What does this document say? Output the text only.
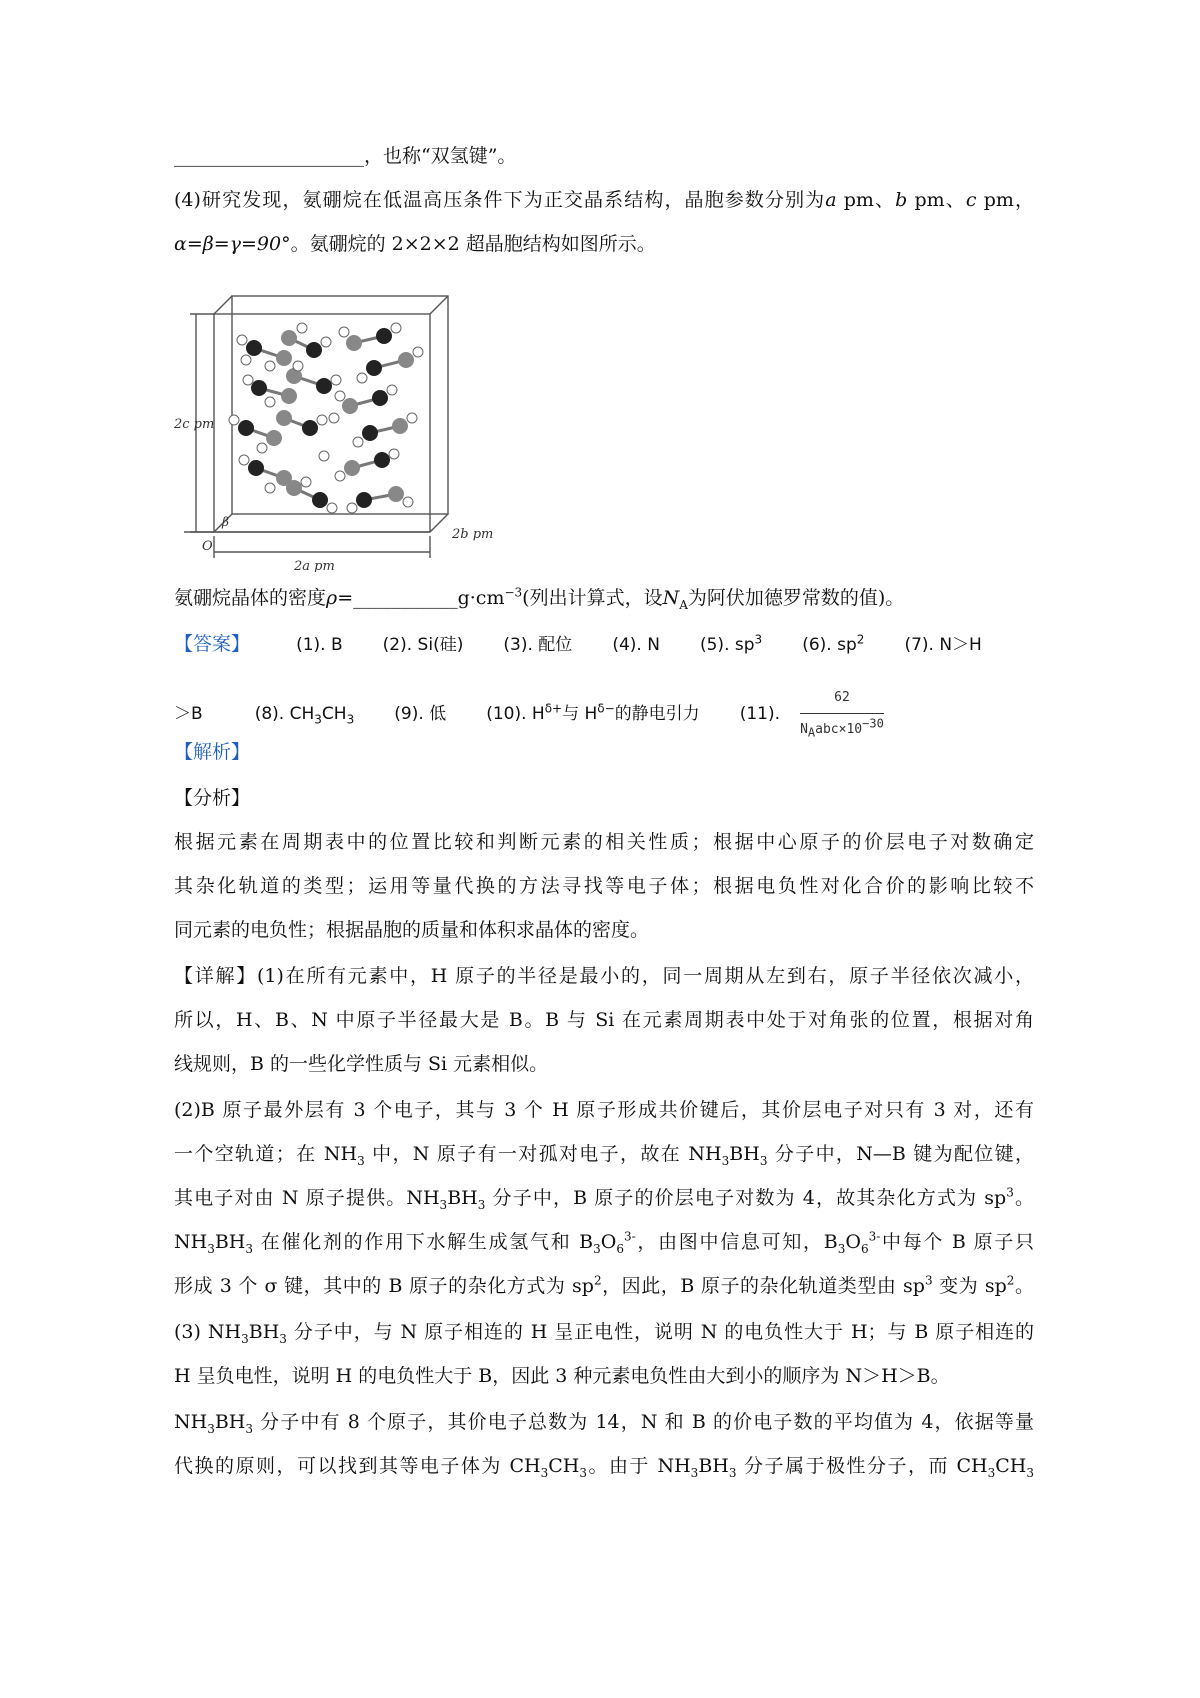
____________________，也称“双氢键”。
(4)研究发现，氨硼烷在低温高压条件下为正交晶系结构，晶胞参数分别为a pm、b pm、c pm，
α=β=γ=90°。氨硼烷的 2×2×2 超晶胞结构如图所示。
2c pm
2a pm
2b pm
O
β
氨硼烷晶体的密度$\rho=\_\_\_\_\_\_\_\_\_\_\_g\cdot cm^{-3}$(列出计算式，设$N_A$为阿伏加德罗常数的值)。
【答案】	(1). B (2). Si(硅) (3). 配位 (4). N (5). $sp^3$ (6). $sp^2$ (7). N＞H
＞B	(8). $CH_3CH_3$ (9). 低 (10). $H^{\delta+}$与 $H^{\delta-}$的静电引力 (11). $\frac{62}{N_Aabc\times 10^{-30}}$
【解析】
【分析】
根据元素在周期表中的位置比较和判断元素的相关性质；根据中心原子的价层电子对数确定
其杂化轨道的类型；运用等量代换的方法寻找等电子体；根据电负性对化合价的影响比较不
同元素的电负性；根据晶胞的质量和体积求晶体的密度。
【详解】(1)在所有元素中，H 原子的半径是最小的，同一周期从左到右，原子半径依次减小，
所以，H、B、N 中原子半径最大是 B。B 与 Si 在元素周期表中处于对角张的位置，根据对角
线规则，B 的一些化学性质与 Si 元素相似。
(2)B 原子最外层有 3 个电子，其与 3 个 H 原子形成共价键后，其价层电子对只有 3 对，还有
一个空轨道；在 $NH_3$ 中，N 原子有一对孤对电子，故在 $NH_3BH_3$ 分子中，N—B 键为配位键，
其电子对由 N 原子提供。$NH_3BH_3$ 分子中，B 原子的价层电子对数为 4，故其杂化方式为 $sp^3$。
$NH_3BH_3$ 在催化剂的作用下水解生成氢气和 $B_3O_6^{3-}$，由图中信息可知，$B_3O_6^{3-}$中每个 B 原子只
形成 3 个 σ 键，其中的 B 原子的杂化方式为 $sp^2$，因此，B 原子的杂化轨道类型由 $sp^3$ 变为 $sp^2$。
(3) $NH_3BH_3$ 分子中，与 N 原子相连的 H 呈正电性，说明 N 的电负性大于 H；与 B 原子相连的
H 呈负电性，说明 H 的电负性大于 B，因此 3 种元素电负性由大到小的顺序为 N＞H＞B。
$NH_3BH_3$ 分子中有 8 个原子，其价电子总数为 14，N 和 B 的价电子数的平均值为 4，依据等量
代换的原则，可以找到其等电子体为 $CH_3CH_3$。由于 $NH_3BH_3$ 分子属于极性分子，而 $CH_3CH_3$
